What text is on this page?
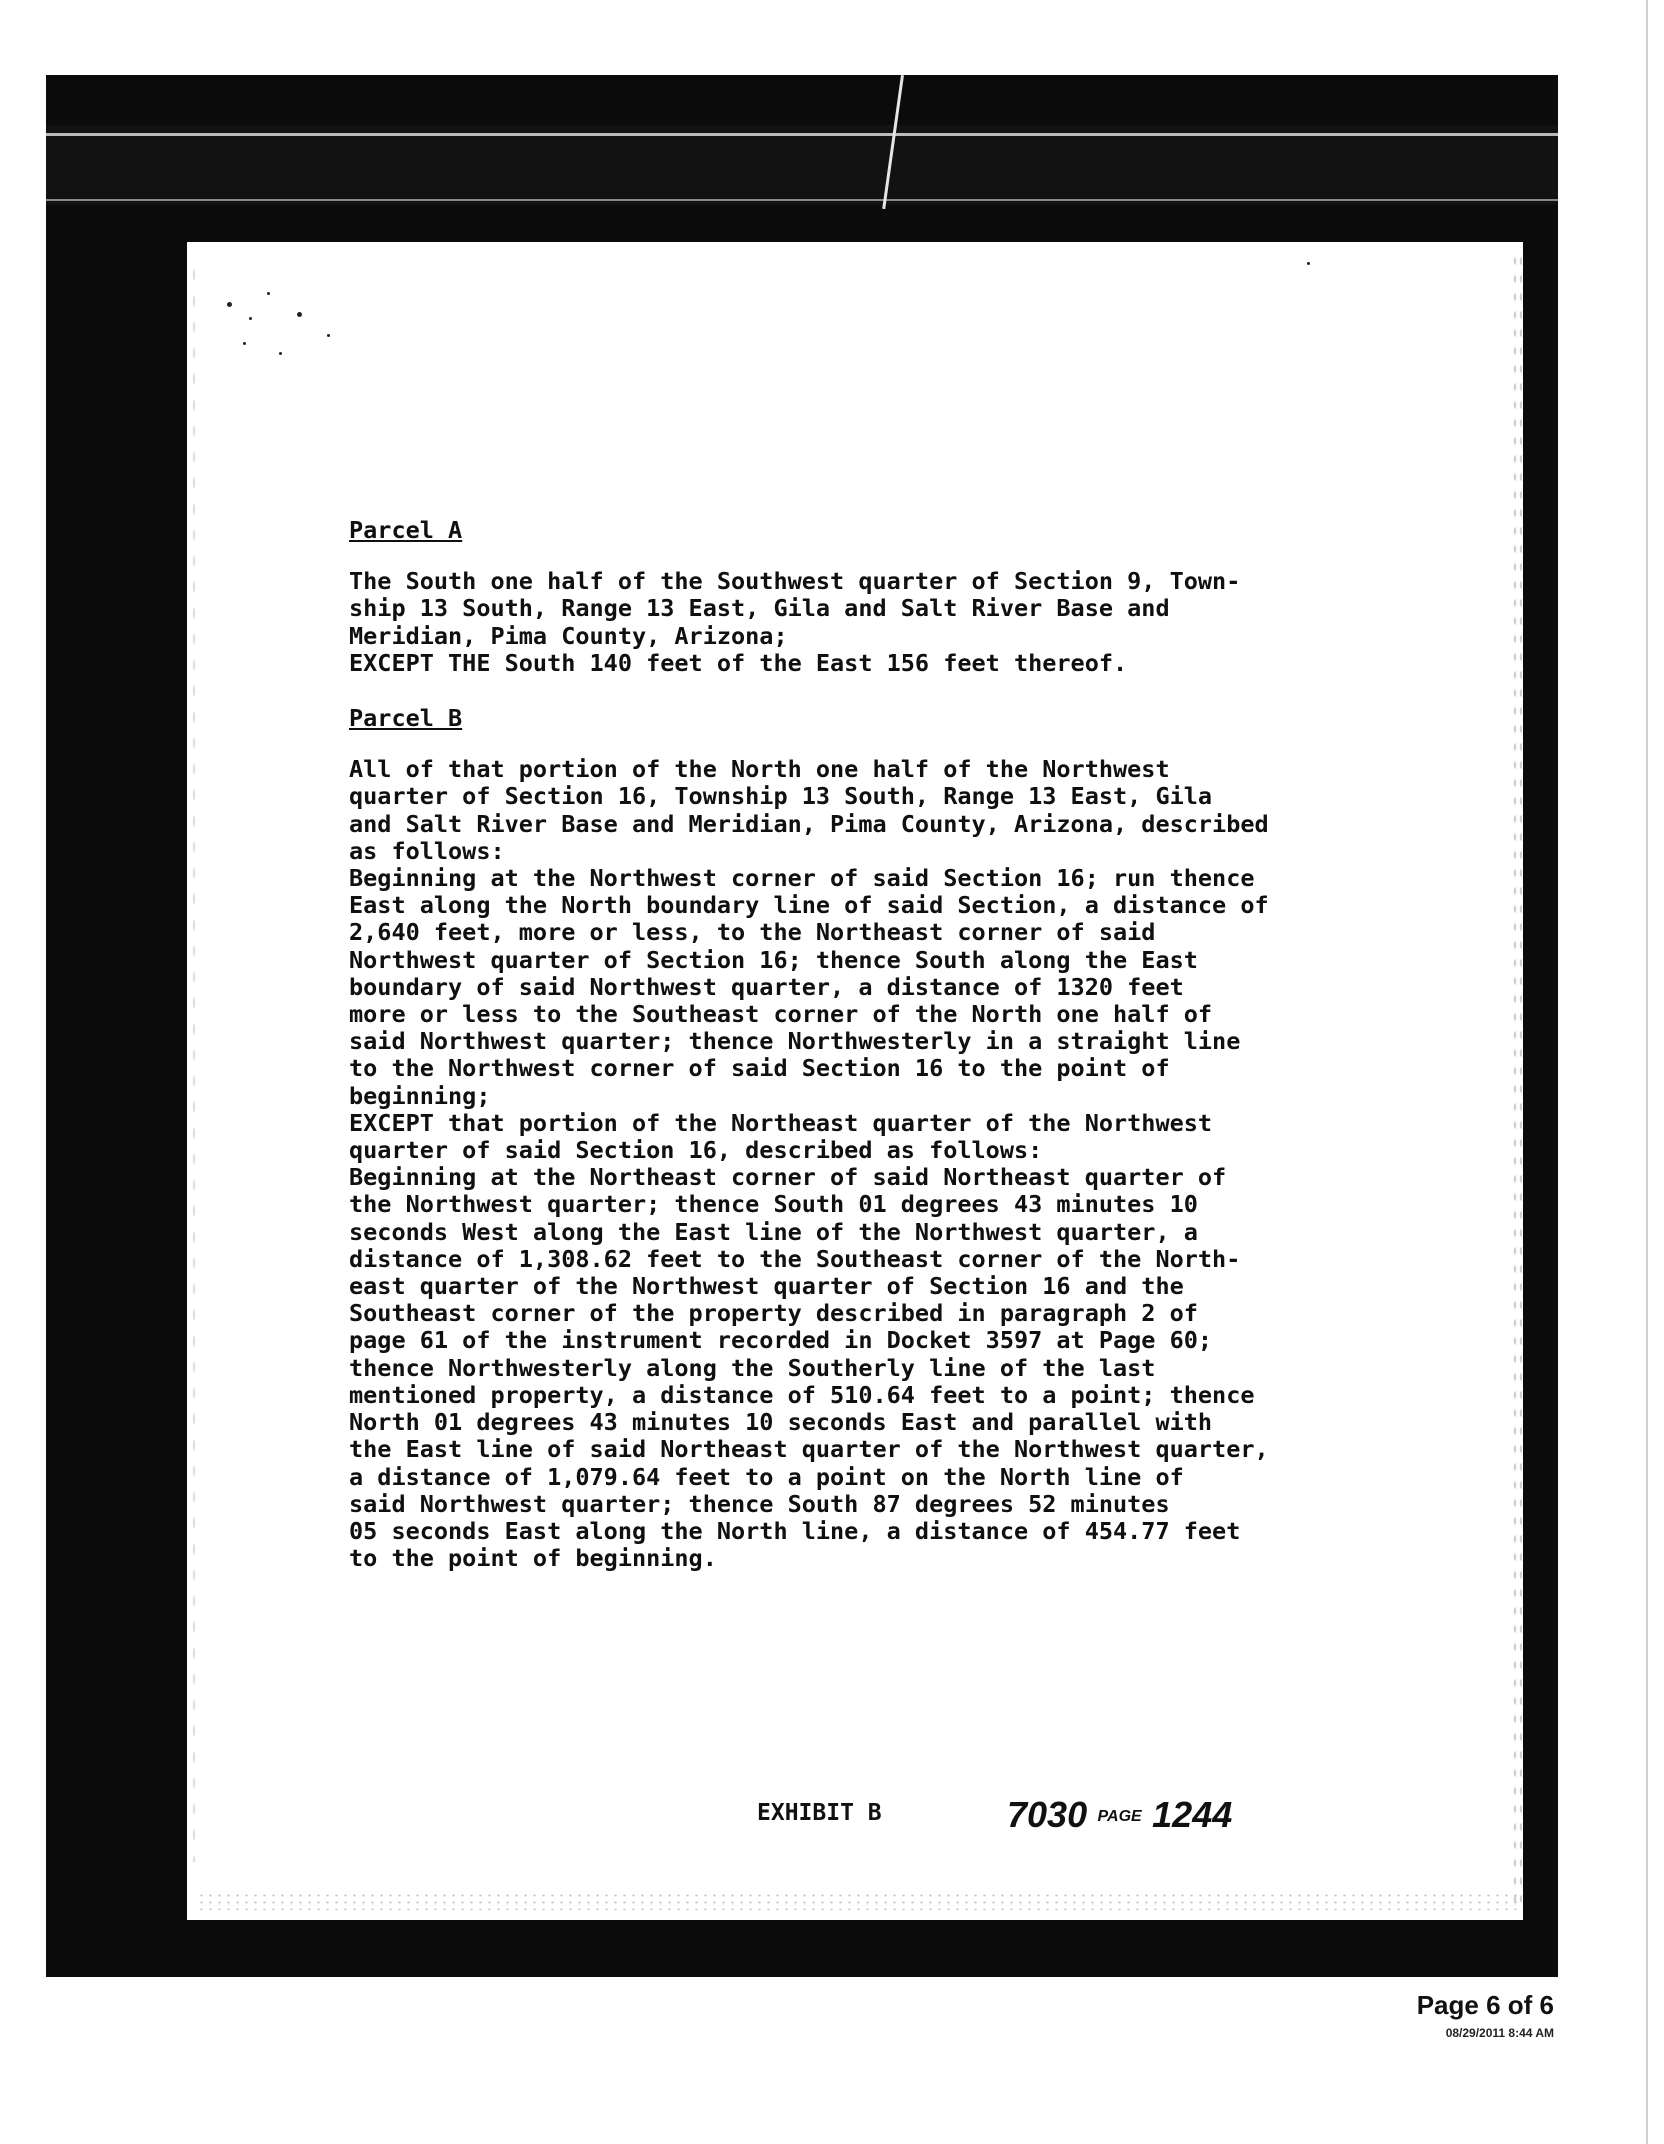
Parcel A
The South one half of the Southwest quarter of Section 9, Town-
ship 13 South, Range 13 East, Gila and Salt River Base and
Meridian, Pima County, Arizona;
EXCEPT THE South 140 feet of the East 156 feet thereof.
Parcel B
All of that portion of the North one half of the Northwest
quarter of Section 16, Township 13 South, Range 13 East, Gila
and Salt River Base and Meridian, Pima County, Arizona, described
as follows:
Beginning at the Northwest corner of said Section 16; run thence
East along the North boundary line of said Section, a distance of
2,640 feet, more or less, to the Northeast corner of said
Northwest quarter of Section 16; thence South along the East
boundary of said Northwest quarter, a distance of 1320 feet
more or less to the Southeast corner of the North one half of
said Northwest quarter; thence Northwesterly in a straight line
to the Northwest corner of said Section 16 to the point of
beginning;
EXCEPT that portion of the Northeast quarter of the Northwest
quarter of said Section 16, described as follows:
Beginning at the Northeast corner of said Northeast quarter of
the Northwest quarter; thence South 01 degrees 43 minutes 10
seconds West along the East line of the Northwest quarter, a
distance of 1,308.62 feet to the Southeast corner of the North-
east quarter of the Northwest quarter of Section 16 and the
Southeast corner of the property described in paragraph 2 of
page 61 of the instrument recorded in Docket 3597 at Page 60;
thence Northwesterly along the Southerly line of the last
mentioned property, a distance of 510.64 feet to a point; thence
North 01 degrees 43 minutes 10 seconds East and parallel with
the East line of said Northeast quarter of the Northwest quarter,
a distance of 1,079.64 feet to a point on the North line of
said Northwest quarter; thence South 87 degrees 52 minutes
05 seconds East along the North line, a distance of 454.77 feet
to the point of beginning.
EXHIBIT B	7030 PAGE 1244
Page 6 of 6
08/29/2011 8:44 AM
